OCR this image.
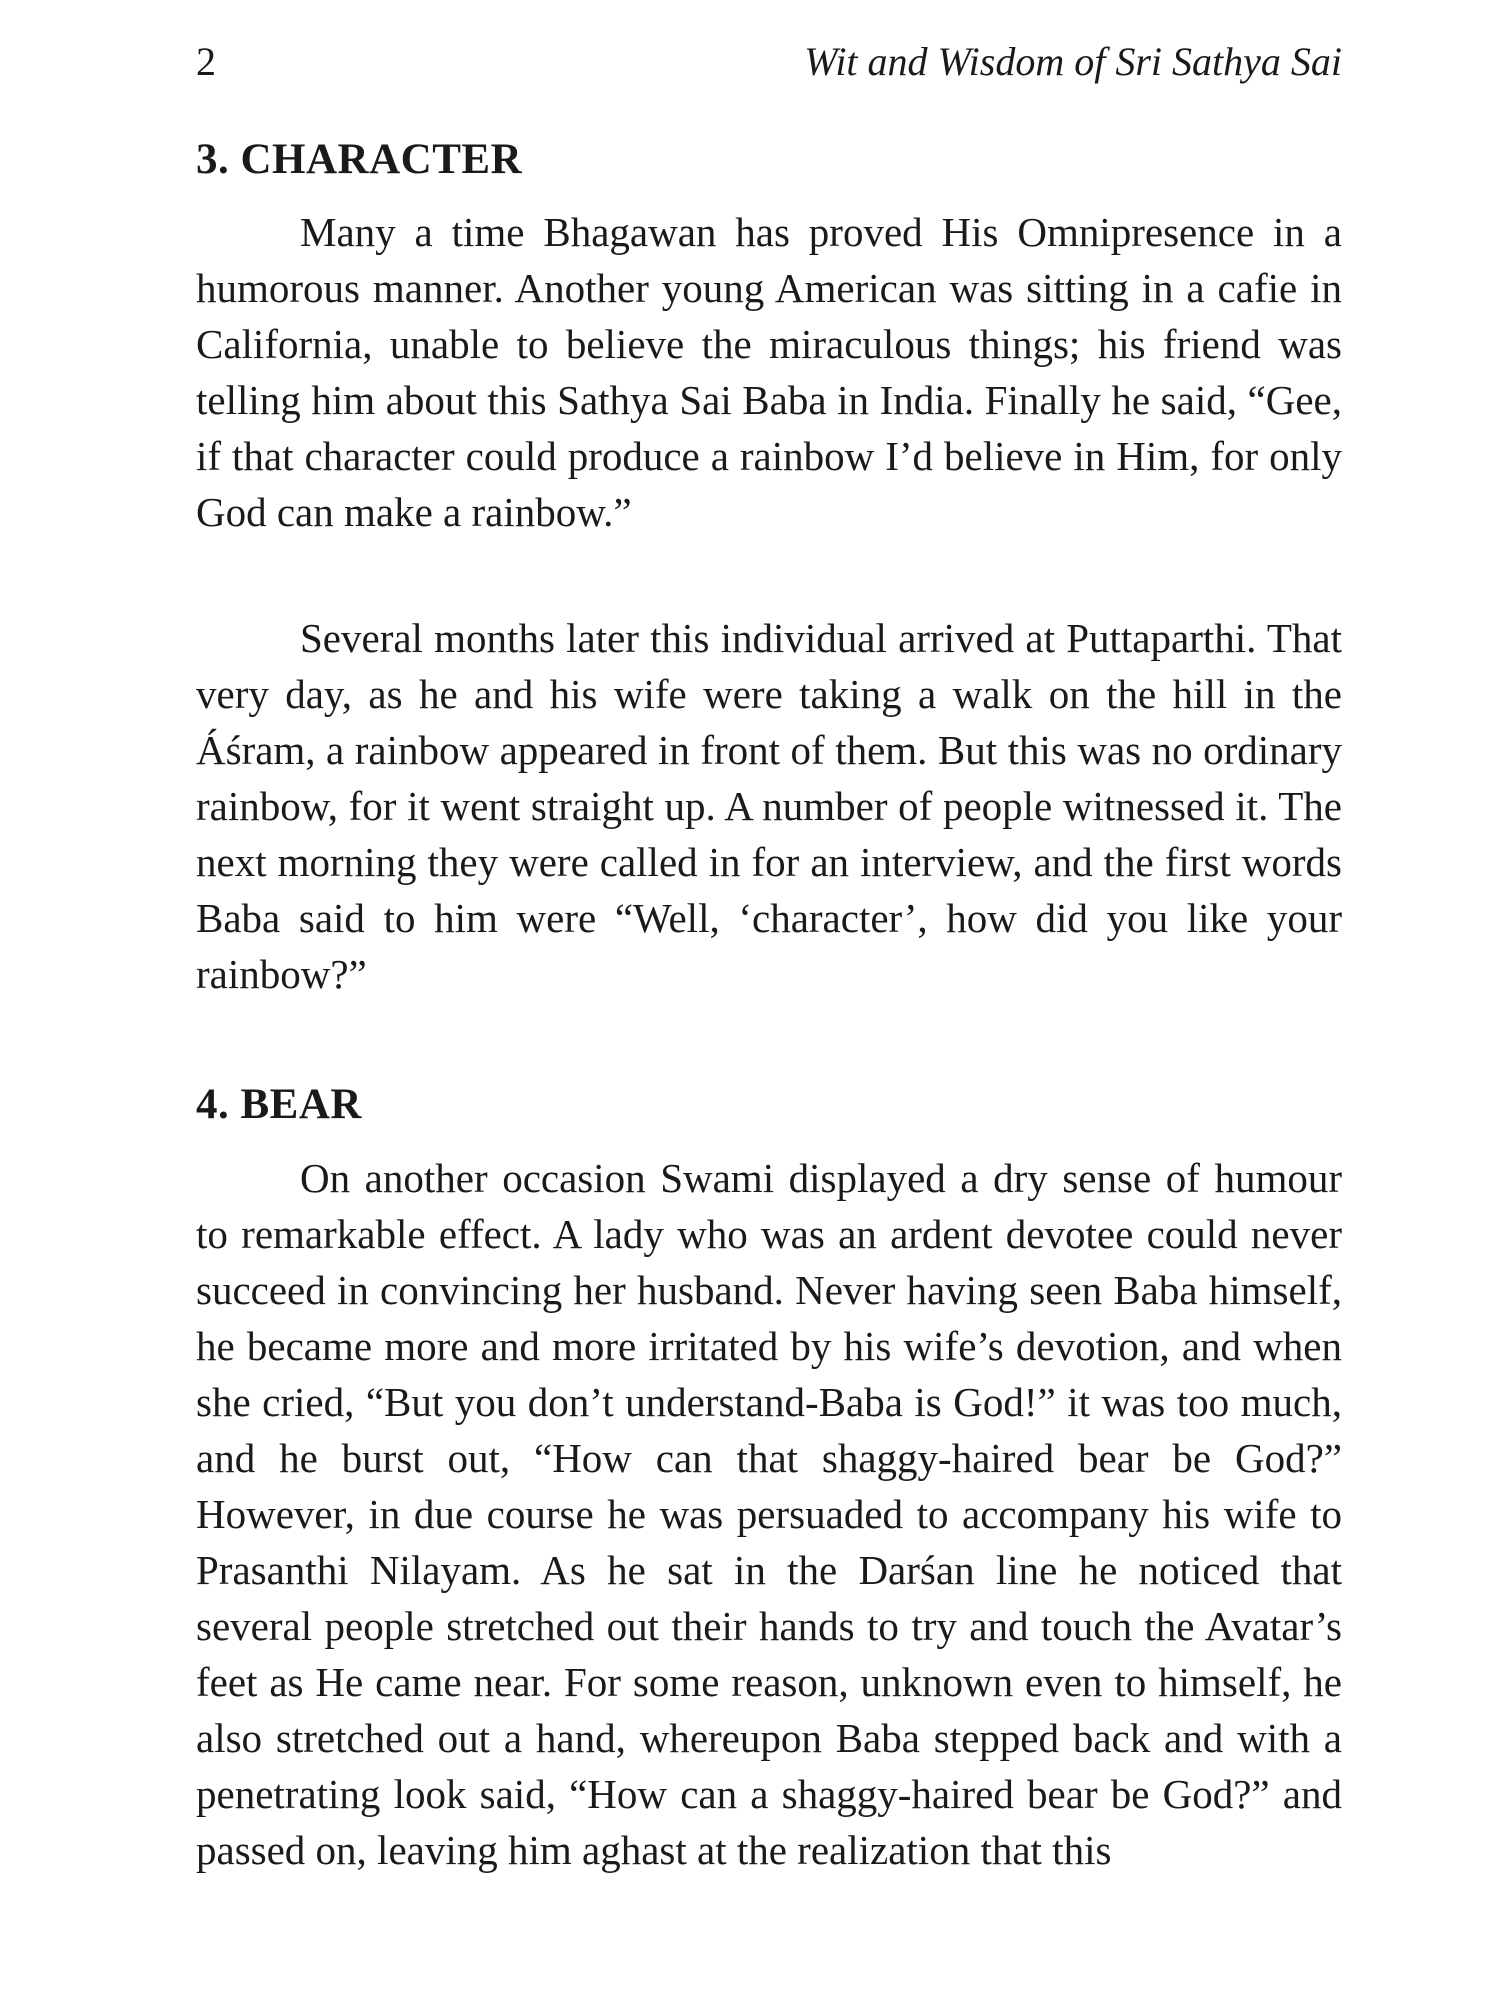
2	Wit and Wisdom of Sri Sathya Sai
3. CHARACTER

Many a time Bhagawan has proved His Omnipresence in a humorous manner. Another young American was sitting in a cafie in California, unable to believe the miraculous things; his friend was telling him about this Sathya Sai Baba in India. Finally he said, “Gee, if that character could produce a rainbow I’d believe in Him, for only God can make a rainbow.”

Several months later this individual arrived at Puttaparthi. That very day, as he and his wife were taking a walk on the hill in the Áśram, a rainbow appeared in front of them. But this was no ordinary rainbow, for it went straight up. A number of people witnessed it. The next morning they were called in for an interview, and the first words Baba said to him were “Well, ‘character’, how did you like your rainbow?”

4. BEAR

On another occasion Swami displayed a dry sense of humour to remarkable effect. A lady who was an ardent devotee could never succeed in convincing her husband. Never having seen Baba himself, he became more and more irritated by his wife’s devotion, and when she cried, “But you don’t understand-Baba is God!” it was too much, and he burst out, “How can that shaggy-haired bear be God?” However, in due course he was persuaded to accompany his wife to Prasanthi Nilayam. As he sat in the Darśan line he noticed that several people stretched out their hands to try and touch the Avatar’s feet as He came near. For some reason, unknown even to himself, he also stretched out a hand, whereupon Baba stepped back and with a penetrating look said, “How can a shaggy-haired bear be God?” and passed on, leaving him aghast at the realization that this
